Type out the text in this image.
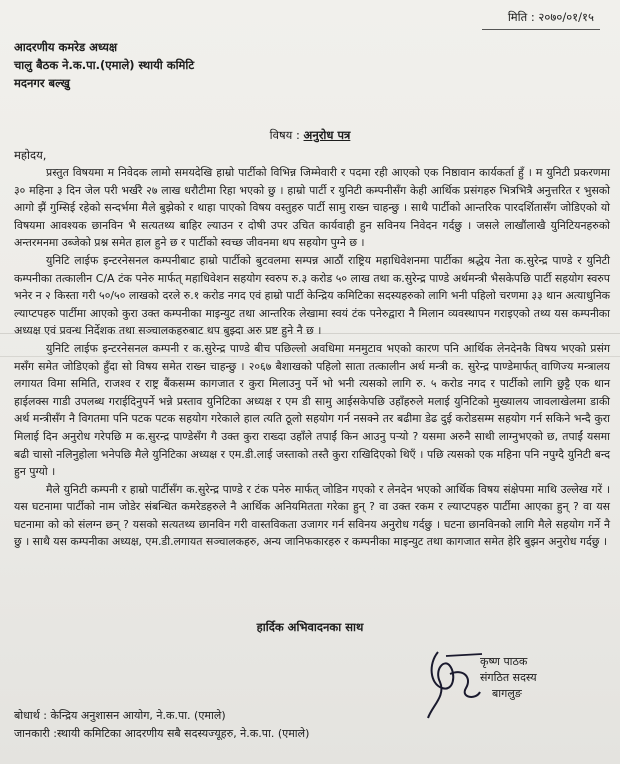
मिति : २०७०/०१/१५
आदरणीय कमरेड अध्यक्ष
चालु बैठक ने.क.पा.(एमाले) स्थायी कमिटि
मदनगर बल्खु
विषय : अनुरोध पत्र
महोदय,

प्रस्तुत विषयमा म निवेदक लामो समयदेखि हाम्रो पार्टीको विभिन्न जिम्मेवारी र पदमा रही आएको एक निष्ठावान कार्यकर्ता हुँ । म युनिटी प्रकरणमा ३० महिना ३ दिन जेल परी भर्खरै २७ लाख धरौटीमा रिहा भएको छु । हाम्रो पार्टी र युनिटी कम्पनीसँग केही आर्थिक प्रसंगहरु भित्रभित्रै अनुत्तरित र भुसको आगो झैं गुम्सिई रहेको सन्दर्भमा मैले बुझेको र थाहा पाएको विषय वस्तुहरु पार्टी सामु राख्न चाहन्छु । साथै पार्टीको आन्तरिक पारदर्शितासँग जोडिएको यो विषयमा आवश्यक छानविन भै सत्यतथ्य बाहिर ल्याउन र दोषी उपर उचित कार्यवाही हुन सविनय निवेदन गर्दछु । जसले लाखौंलाखै युनिटियनहरुको अन्तरमनमा उब्जेको प्रश्न समेत हाल हुने छ र पार्टीको स्वच्छ जीवनमा थप सहयोग पुग्ने छ ।

युनिटि लाईफ इन्टरनेसनल कम्पनीबाट हाम्रो पार्टीको बुटवलमा सम्पन्न आठौं राष्ट्रिय महाधिवेशनमा पार्टीका श्रद्धेय नेता क.सुरेन्द्र पाण्डे र युनिटी कम्पनीका तत्कालीन C/A टंक पनेरु मार्फत् महाधिवेशन सहयोग स्वरुप रु.३ करोड ५० लाख तथा क.सुरेन्द्र पाण्डे अर्थमन्त्री भैसकेपछि पार्टी सहयोग स्वरुप भनेर न २ किस्ता गरी ५०/५० लाखको दरले रु.१ करोड नगद एवं हाम्रो पार्टी केन्द्रिय कमिटिका सदस्यहरुको लागि भनी पहिलो चरणमा ३३ थान अत्याधुनिक ल्याप्टपहरु पार्टीमा आएको कुरा उक्त कम्पनीका माइन्युट तथा आन्तरिक लेखामा स्वयं टंक पनेरुद्वारा नै मिलान व्यवस्थापन गराइएको तथ्य यस कम्पनीका अध्यक्ष एवं प्रवन्ध निर्देशक तथा सञ्चालकहरुबाट थप बुझ्दा अरु प्रष्ट हुने नै छ ।

युनिटि लाईफ इन्टरनेसनल कम्पनी र क.सुरेन्द्र पाण्डे बीच पछिल्लो अवधिमा मनमुटाव भएको कारण पनि आर्थिक लेनदेनकै विषय भएको प्रसंग मसँग समेत जोडिएको हुँदा सो विषय समेत राख्न चाहन्छु । २०६७ बैशाखको पहिलो साता तत्कालीन अर्थ मन्त्री क. सुरेन्द्र पाण्डेमार्फत् वाणिज्य मन्त्रालय लगायत विमा समिति, राजश्व र राष्ट्र बैंकसम्म कागजात र कुरा मिलाउनु पर्ने भो भनी त्यसको लागि रु. ५ करोड नगद र पार्टीको लागि छुट्टै एक थान हाईलक्स गाडी उपलब्ध गराईदिनुपर्ने भन्ने प्रस्ताव युनिटिका अध्यक्ष र एम डी सामु आईसकेपछि उहाँहरुले मलाई युनिटिको मुख्यालय जावलाखेलमा डाकी अर्थ मन्त्रीसँग नै विगतमा पनि पटक पटक सहयोग गरेकाले हाल त्यति ठूलो सहयोग गर्न नसक्ने तर बढीमा डेढ दुई करोडसम्म सहयोग गर्न सकिने भन्दै कुरा मिलाई दिन अनुरोध गरेपछि म क.सुरन्द्र पाण्डेसँग गै उक्त कुरा राख्दा उहाँले तपाईं किन आउनु पऱ्यो ? यसमा अरुनै साथी लाग्नुभएको छ, तपाईं यसमा बढी चासो नलिनुहोला भनेपछि मैले युनिटिका अध्यक्ष र एम.डी.लाई जस्ताको तस्तै कुरा राखिदिएको थिएँ । पछि त्यसको एक महिना पनि नपुग्दै युनिटी बन्द हुन पुग्यो ।

मैले युनिटी कम्पनी र हाम्रो पार्टीसँग क.सुरेन्द्र पाण्डे र टंक पनेरु मार्फत् जोडिन गएको र लेनदेन भएको आर्थिक विषय संक्षेपमा माथि उल्लेख गरें । यस घटनामा पार्टीको नाम जोडेर संबन्धित कमरेडहरुले नै आर्थिक अनियमितता गरेका हुन् ? वा उक्त रकम र ल्याप्टपहरु पार्टीमा आएका हुन् ? वा यस घटनामा को को संलग्न छन् ? यसको सत्यतथ्य छानविन गरी वास्तविकता उजागर गर्न सविनय अनुरोध गर्दछु । घटना छानविनको लागि मैले सहयोग गर्ने नै छु । साथै यस कम्पनीका अध्यक्ष, एम.डी.लगायत सञ्चालकहरु, अन्य जानिफकारहरु र कम्पनीका माइन्युट तथा कागजात समेत हेरि बुझन अनुरोध गर्दछु ।

हार्दिक अभिवादनका साथ
कृष्ण पाठक
संगठित सदस्य
बागलुङ
बोधार्थ : केन्द्रिय अनुशासन आयोग, ने.क.पा. (एमाले)
जानकारी :स्थायी कमिटिका आदरणीय सबै सदस्यज्यूहरु, ने.क.पा. (एमाले)
